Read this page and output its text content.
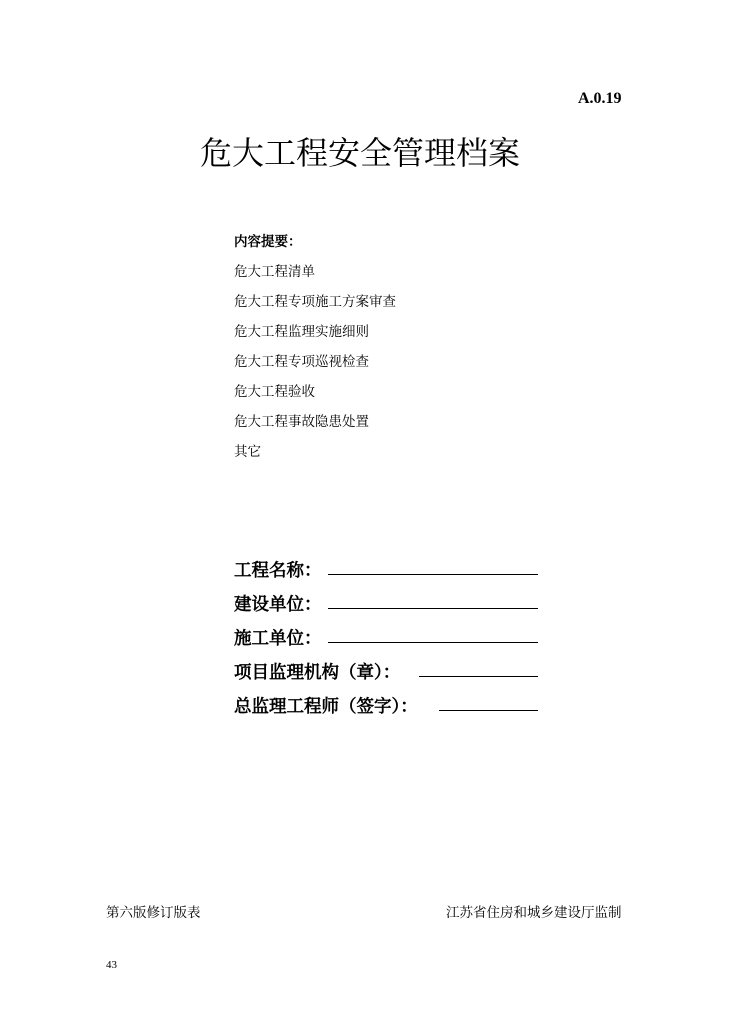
A.0.19
危大工程安全管理档案
内容提要：
危大工程清单
危大工程专项施工方案审查
危大工程监理实施细则
危大工程专项巡视检查
危大工程验收
危大工程事故隐患处置
其它
工程名称：
建设单位：
施工单位：
项目监理机构（章）：
总监理工程师（签字）：
第六版修订版表	江苏省住房和城乡建设厅监制
43
